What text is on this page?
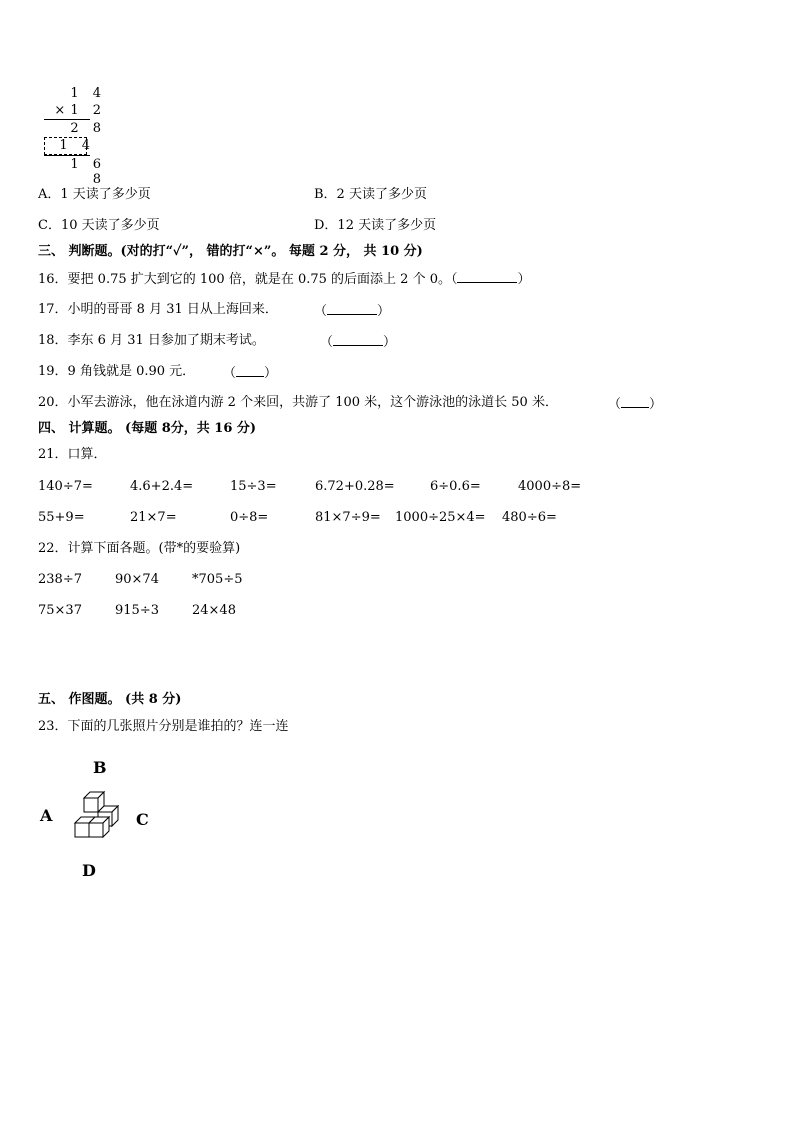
1 4
×1 2
2 8
1 4
1 6 8
A．1 天读了多少页	B．2 天读了多少页
C．10 天读了多少页	D．12 天读了多少页
三、 判断题。(对的打“✓”， 错的打“×”。 每题 2 分， 共 10 分)
16．要把 0.75 扩大到它的 100 倍，就是在 0.75 的后面添上 2 个 0。（	）
17．小明的哥哥 8 月 31 日从上海回来．	（	）
18．李东 6 月 31 日参加了期末考试。	（	）
19．9 角钱就是 0.90 元． （ ）
20．小军去游泳，他在泳道内游 2 个来回，共游了 100 米，这个游泳池的泳道长 50 米．	（ ）
四、 计算题。 (每题 8分，共 16 分)
21．口算．
140÷7=	4.6+2.4=	15÷3=	6.72+0.28=	6÷0.6=	4000÷8=
55+9=	21×7=	0÷8=	81×7÷9= 1000÷25×4= 480÷6=
22．计算下面各题。(带*的要验算)
238÷7	90×74	*705÷5
75×37	915÷3	24×48
五、 作图题。 (共 8 分)
23．下面的几张照片分别是谁拍的？连一连
B
A	C
D
